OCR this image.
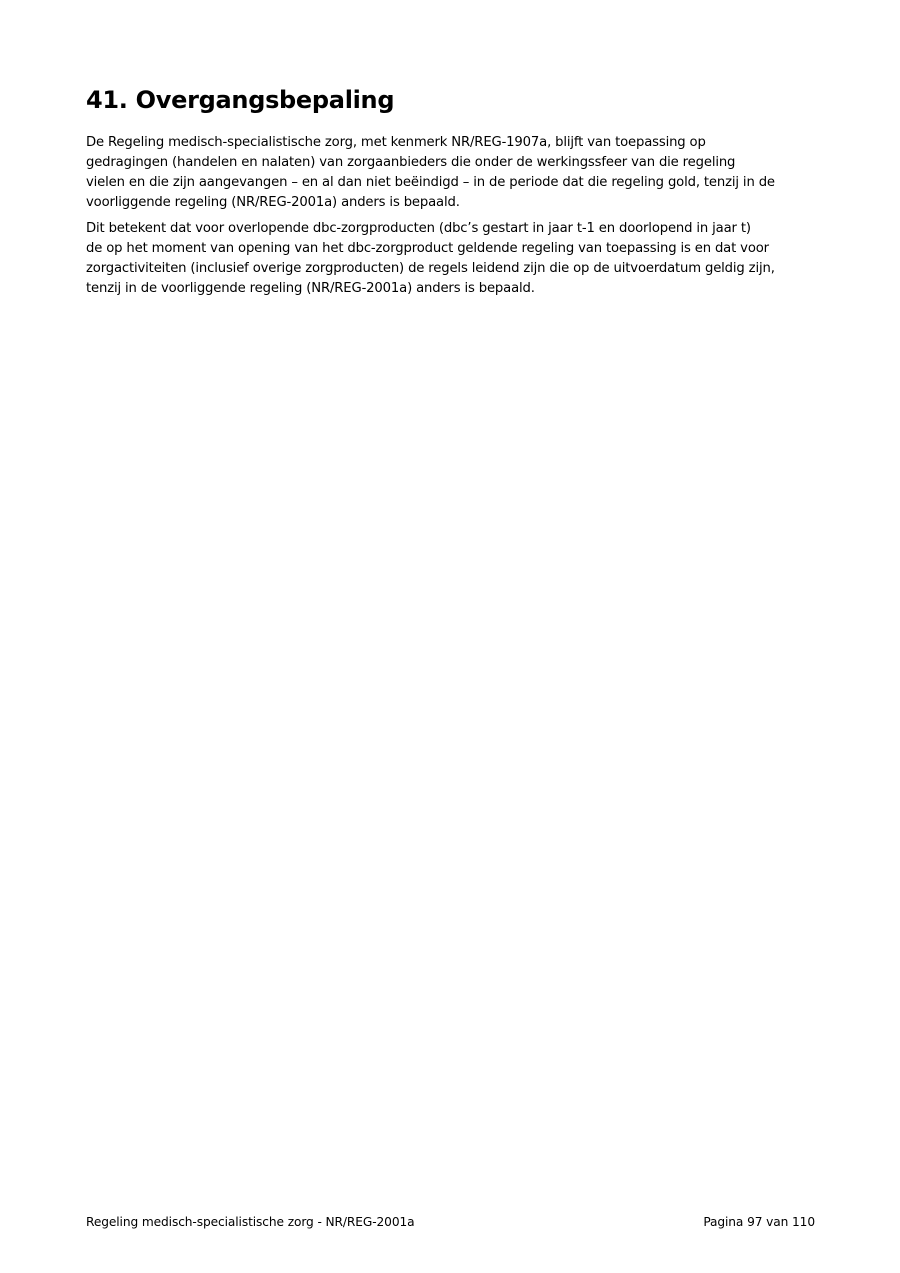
41. Overgangsbepaling

De Regeling medisch-specialistische zorg, met kenmerk NR/REG-1907a, blijft van toepassing op
gedragingen (handelen en nalaten) van zorgaanbieders die onder de werkingssfeer van die regeling
vielen en die zijn aangevangen – en al dan niet beëindigd – in de periode dat die regeling gold, tenzij in de
voorliggende regeling (NR/REG-2001a) anders is bepaald.

Dit betekent dat voor overlopende dbc-zorgproducten (dbc’s gestart in jaar t-1 en doorlopend in jaar t)
de op het moment van opening van het dbc-zorgproduct geldende regeling van toepassing is en dat voor
zorgactiviteiten (inclusief overige zorgproducten) de regels leidend zijn die op de uitvoerdatum geldig zijn,
tenzij in de voorliggende regeling (NR/REG-2001a) anders is bepaald.

Regeling medisch-specialistische zorg - NR/REG-2001a	Pagina 97 van 110
